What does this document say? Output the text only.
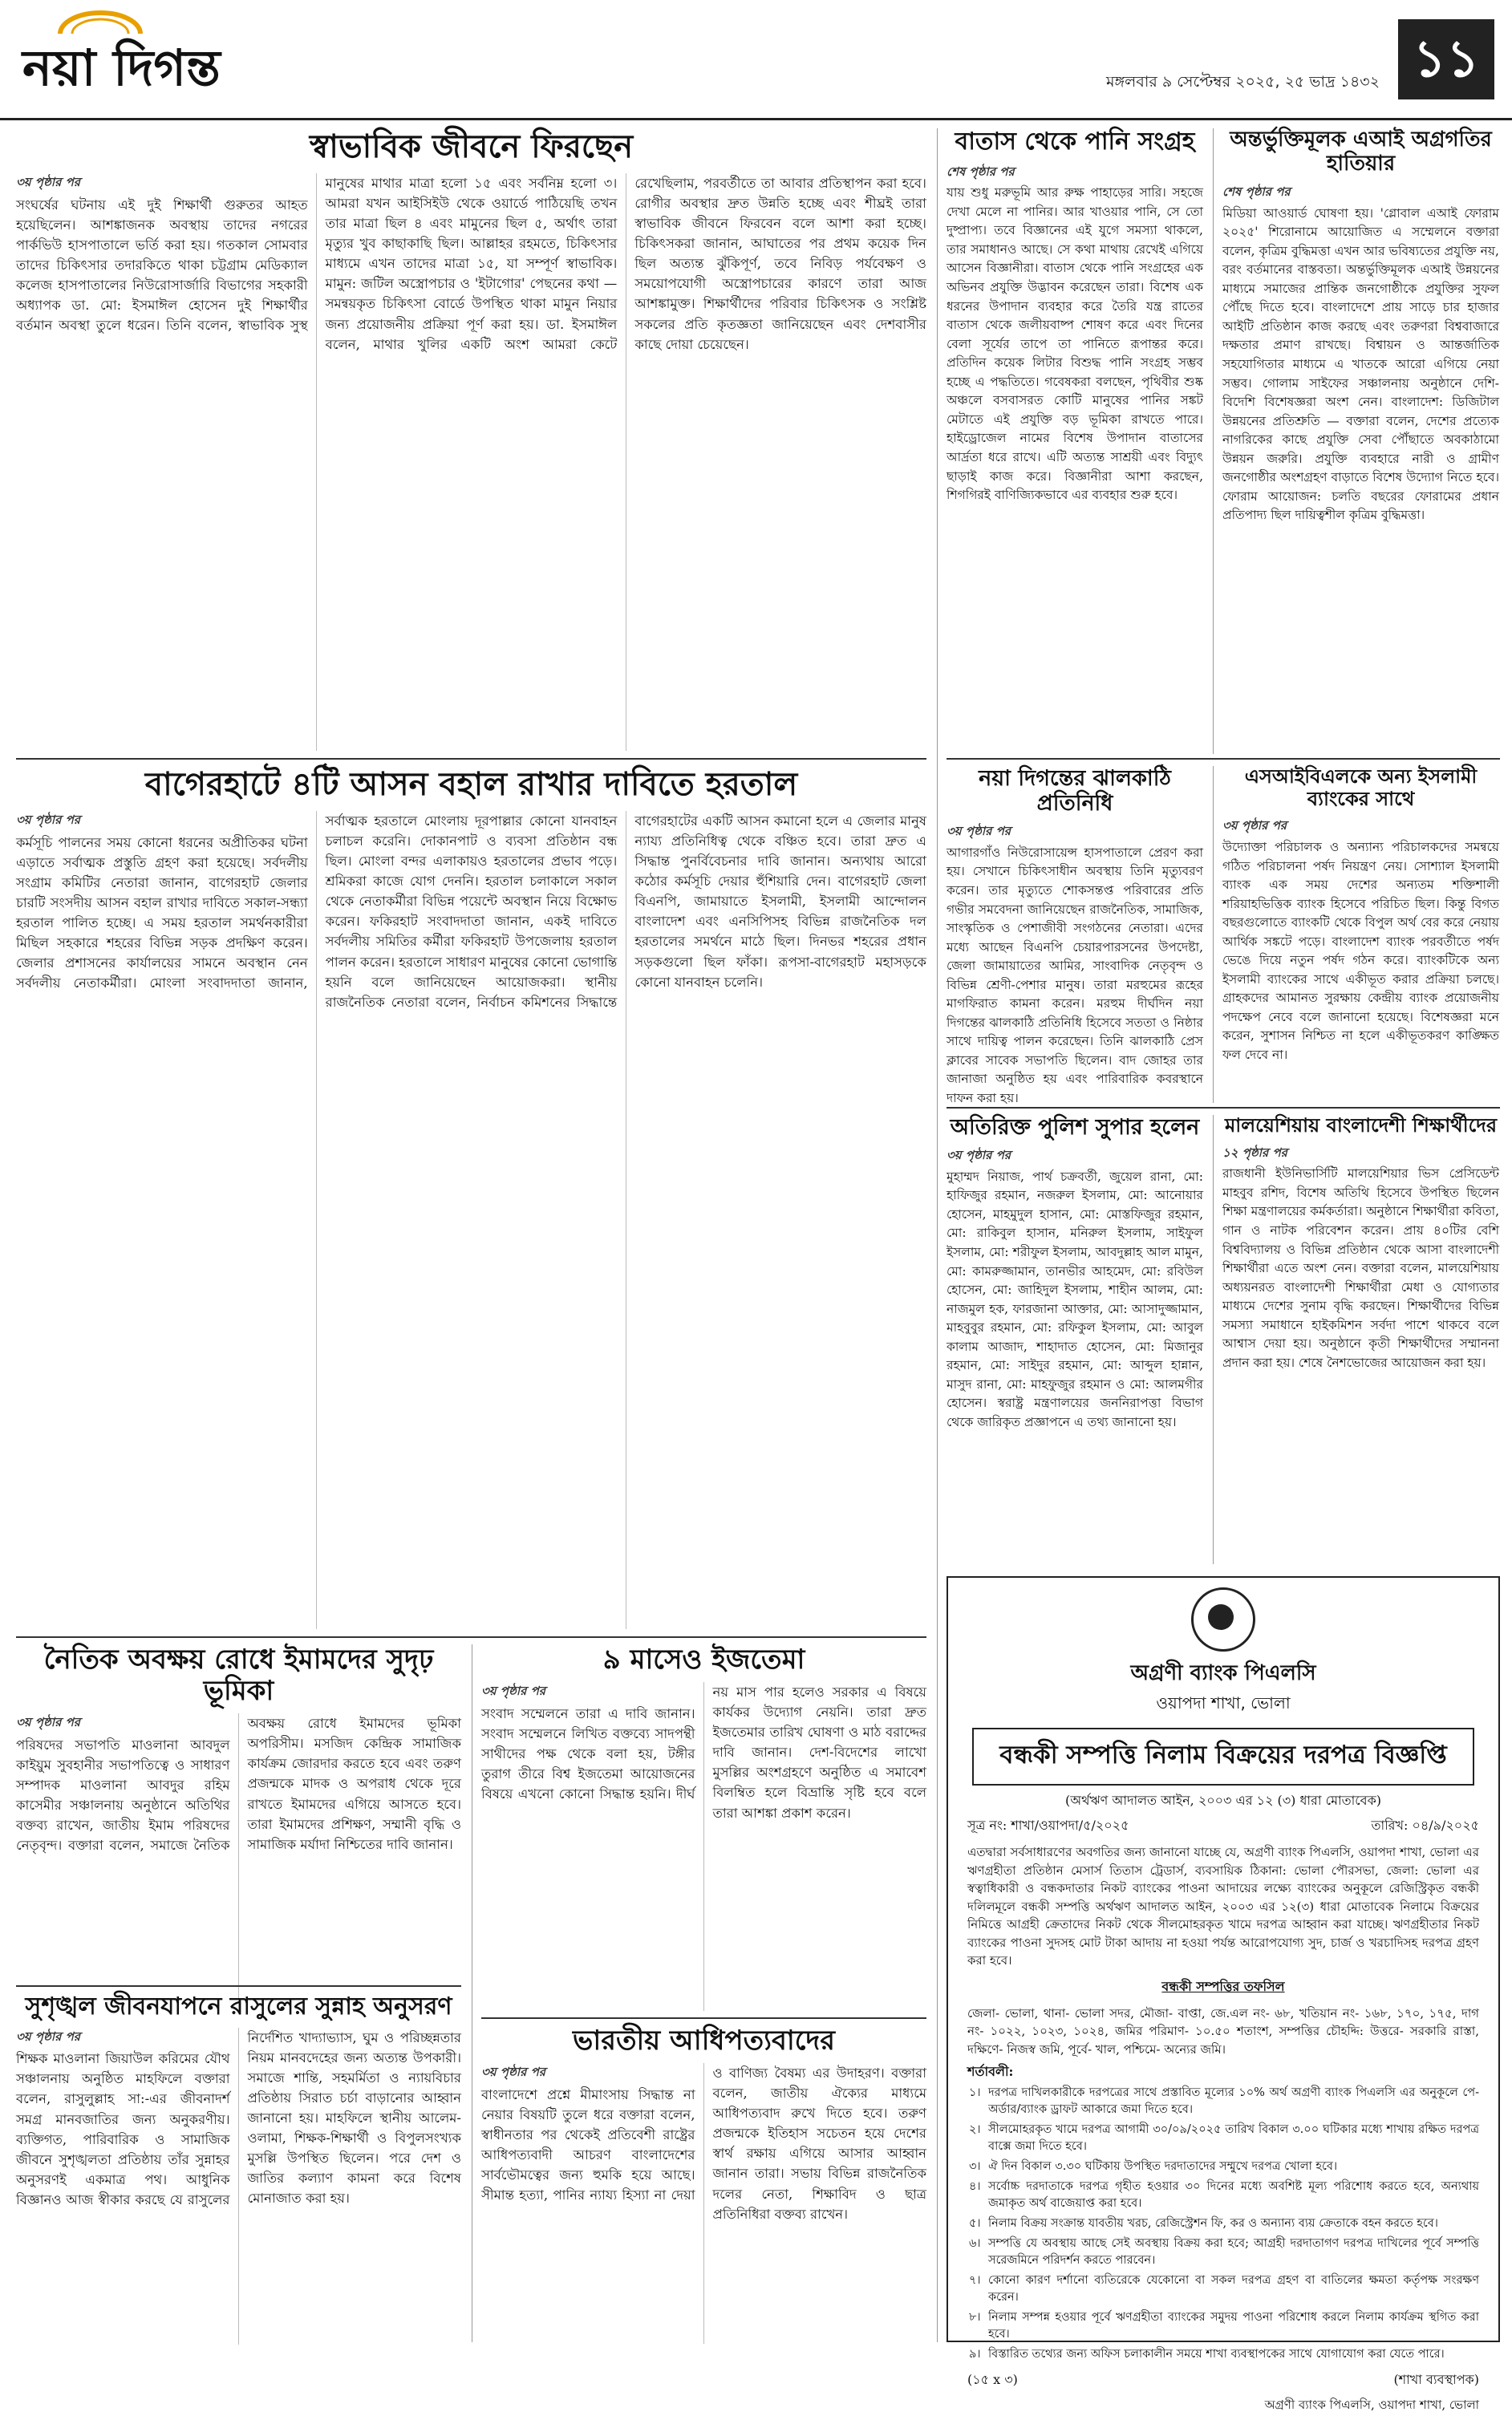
নয়া দিগন্ত	মঙ্গলবার ৯ সেপ্টেম্বর ২০২৫, ২৫ ভাদ্র ১৪৩২ ১১
স্বাভাবিক জীবনে ফিরছেন
৩য় পৃষ্ঠার পর
সংঘর্ষের ঘটনায় এই দুই শিক্ষার্থী গুরুতর আহত হয়েছিলেন। আশঙ্কাজনক অবস্থায় তাদের নগরের পার্কভিউ হাসপাতালে ভর্তি করা হয়। গতকাল সোমবার তাদের চিকিৎসার তদারকিতে থাকা চট্টগ্রাম মেডিক্যাল কলেজ হাসপাতালের নিউরোসার্জারি বিভাগের সহকারী অধ্যাপক ডা. মো: ইসমাঈল হোসেন দুই শিক্ষার্থীর বর্তমান অবস্থা তুলে ধরেন। তিনি বলেন, স্বাভাবিক সুস্থ মানুষের মাথার মাত্রা হলো ১৫ এবং সর্বনিম্ন হলো ৩। আমরা যখন আইসিইউ থেকে ওয়ার্ডে পাঠিয়েছি তখন তার মাত্রা ছিল ৪ এবং মামুনের ছিল ৫, অর্থাৎ তারা মৃত্যুর খুব কাছাকাছি ছিল। আল্লাহর রহমতে, চিকিৎসার মাধ্যমে এখন তাদের মাত্রা ১৫, যা সম্পূর্ণ স্বাভাবিক। মামুন: জটিল অস্ত্রোপচার ও 'ইটাগোর' পেছনের কথা — সমন্বয়কৃত চিকিৎসা বোর্ডে উপস্থিত থাকা মামুন নিয়ার জন্য প্রয়োজনীয় প্রক্রিয়া পূর্ণ করা হয়। ডা. ইসমাঈল বলেন, মাথার খুলির একটি অংশ আমরা কেটে রেখেছিলাম, পরবর্তীতে তা আবার প্রতিস্থাপন করা হবে। রোগীর অবস্থার দ্রুত উন্নতি হচ্ছে এবং শীঘ্রই তারা স্বাভাবিক জীবনে ফিরবেন বলে আশা করা হচ্ছে। চিকিৎসকরা জানান, আঘাতের পর প্রথম কয়েক দিন ছিল অত্যন্ত ঝুঁকিপূর্ণ, তবে নিবিড় পর্যবেক্ষণ ও সময়োপযোগী অস্ত্রোপচারের কারণে তারা আজ আশঙ্কামুক্ত। শিক্ষার্থীদের পরিবার চিকিৎসক ও সংশ্লিষ্ট সকলের প্রতি কৃতজ্ঞতা জানিয়েছেন এবং দেশবাসীর কাছে দোয়া চেয়েছেন।
বাগেরহাটে ৪টি আসন বহাল রাখার দাবিতে হরতাল
৩য় পৃষ্ঠার পর
কর্মসূচি পালনের সময় কোনো ধরনের অপ্রীতিকর ঘটনা এড়াতে সর্বাত্মক প্রস্তুতি গ্রহণ করা হয়েছে। সর্বদলীয় সংগ্রাম কমিটির নেতারা জানান, বাগেরহাট জেলার চারটি সংসদীয় আসন বহাল রাখার দাবিতে সকাল-সন্ধ্যা হরতাল পালিত হচ্ছে। এ সময় হরতাল সমর্থনকারীরা মিছিল সহকারে শহরের বিভিন্ন সড়ক প্রদক্ষিণ করেন। জেলার প্রশাসনের কার্যালয়ের সামনে অবস্থান নেন সর্বদলীয় নেতাকর্মীরা। মোংলা সংবাদদাতা জানান, সর্বাত্মক হরতালে মোংলায় দূরপাল্লার কোনো যানবাহন চলাচল করেনি। দোকানপাট ও ব্যবসা প্রতিষ্ঠান বন্ধ ছিল। মোংলা বন্দর এলাকায়ও হরতালের প্রভাব পড়ে। শ্রমিকরা কাজে যোগ দেননি। হরতাল চলাকালে সকাল থেকে নেতাকর্মীরা বিভিন্ন পয়েন্টে অবস্থান নিয়ে বিক্ষোভ করেন। ফকিরহাট সংবাদদাতা জানান, একই দাবিতে সর্বদলীয় সমিতির কর্মীরা ফকিরহাট উপজেলায় হরতাল পালন করেন। হরতালে সাধারণ মানুষের কোনো ভোগান্তি হয়নি বলে জানিয়েছেন আয়োজকরা। স্থানীয় রাজনৈতিক নেতারা বলেন, নির্বাচন কমিশনের সিদ্ধান্তে বাগেরহাটের একটি আসন কমানো হলে এ জেলার মানুষ ন্যায্য প্রতিনিধিত্ব থেকে বঞ্চিত হবে। তারা দ্রুত এ সিদ্ধান্ত পুনর্বিবেচনার দাবি জানান। অন্যথায় আরো কঠোর কর্মসূচি দেয়ার হুঁশিয়ারি দেন। বাগেরহাট জেলা বিএনপি, জামায়াতে ইসলামী, ইসলামী আন্দোলন বাংলাদেশ এবং এনসিপিসহ বিভিন্ন রাজনৈতিক দল হরতালের সমর্থনে মাঠে ছিল। দিনভর শহরের প্রধান সড়কগুলো ছিল ফাঁকা। রূপসা-বাগেরহাট মহাসড়কে কোনো যানবাহন চলেনি।
নৈতিক অবক্ষয় রোধে ইমামদের সুদৃঢ় ভূমিকা
৩য় পৃষ্ঠার পর
পরিষদের সভাপতি মাওলানা আবদুল কাইয়ুম সুবহানীর সভাপতিত্বে ও সাধারণ সম্পাদক মাওলানা আবদুর রহিম কাসেমীর সঞ্চালনায় অনুষ্ঠানে অতিথির বক্তব্য রাখেন, জাতীয় ইমাম পরিষদের নেতৃবৃন্দ। বক্তারা বলেন, সমাজে নৈতিক অবক্ষয় রোধে ইমামদের ভূমিকা অপরিসীম। মসজিদ কেন্দ্রিক সামাজিক কার্যক্রম জোরদার করতে হবে এবং তরুণ প্রজন্মকে মাদক ও অপরাধ থেকে দূরে রাখতে ইমামদের এগিয়ে আসতে হবে। তারা ইমামদের প্রশিক্ষণ, সম্মানী বৃদ্ধি ও সামাজিক মর্যাদা নিশ্চিতের দাবি জানান।
সুশৃঙ্খল জীবনযাপনে রাসুলের সুন্নাহ অনুসরণ
৩য় পৃষ্ঠার পর
শিক্ষক মাওলানা জিয়াউল করিমের যৌথ সঞ্চালনায় অনুষ্ঠিত মাহফিলে বক্তারা বলেন, রাসুলুল্লাহ সা:-এর জীবনাদর্শ সমগ্র মানবজাতির জন্য অনুকরণীয়। ব্যক্তিগত, পারিবারিক ও সামাজিক জীবনে সুশৃঙ্খলতা প্রতিষ্ঠায় তাঁর সুন্নাহর অনুসরণই একমাত্র পথ। আধুনিক বিজ্ঞানও আজ স্বীকার করছে যে রাসুলের নির্দেশিত খাদ্যাভ্যাস, ঘুম ও পরিচ্ছন্নতার নিয়ম মানবদেহের জন্য অত্যন্ত উপকারী। সমাজে শান্তি, সহমর্মিতা ও ন্যায়বিচার প্রতিষ্ঠায় সিরাত চর্চা বাড়ানোর আহ্বান জানানো হয়। মাহফিলে স্থানীয় আলেম-ওলামা, শিক্ষক-শিক্ষার্থী ও বিপুলসংখ্যক মুসল্লি উপস্থিত ছিলেন। পরে দেশ ও জাতির কল্যাণ কামনা করে বিশেষ মোনাজাত করা হয়।
৯ মাসেও ইজতেমা
৩য় পৃষ্ঠার পর
সংবাদ সম্মেলনে তারা এ দাবি জানান। সংবাদ সম্মেলনে লিখিত বক্তব্যে সাদপন্থী সাথীদের পক্ষ থেকে বলা হয়, টঙ্গীর তুরাগ তীরে বিশ্ব ইজতেমা আয়োজনের বিষয়ে এখনো কোনো সিদ্ধান্ত হয়নি। দীর্ঘ নয় মাস পার হলেও সরকার এ বিষয়ে কার্যকর উদ্যোগ নেয়নি। তারা দ্রুত ইজতেমার তারিখ ঘোষণা ও মাঠ বরাদ্দের দাবি জানান। দেশ-বিদেশের লাখো মুসল্লির অংশগ্রহণে অনুষ্ঠিত এ সমাবেশ বিলম্বিত হলে বিভ্রান্তি সৃষ্টি হবে বলে তারা আশঙ্কা প্রকাশ করেন।
ভারতীয় আধিপত্যবাদের
৩য় পৃষ্ঠার পর
বাংলাদেশে প্রশ্নে মীমাংসায় সিদ্ধান্ত না নেয়ার বিষয়টি তুলে ধরে বক্তারা বলেন, স্বাধীনতার পর থেকেই প্রতিবেশী রাষ্ট্রের আধিপত্যবাদী আচরণ বাংলাদেশের সার্বভৌমত্বের জন্য হুমকি হয়ে আছে। সীমান্ত হত্যা, পানির ন্যায্য হিস্যা না দেয়া ও বাণিজ্য বৈষম্য এর উদাহরণ। বক্তারা বলেন, জাতীয় ঐক্যের মাধ্যমে আধিপত্যবাদ রুখে দিতে হবে। তরুণ প্রজন্মকে ইতিহাস সচেতন হয়ে দেশের স্বার্থ রক্ষায় এগিয়ে আসার আহ্বান জানান তারা। সভায় বিভিন্ন রাজনৈতিক দলের নেতা, শিক্ষাবিদ ও ছাত্র প্রতিনিধিরা বক্তব্য রাখেন।
বাতাস থেকে পানি সংগ্রহ
শেষ পৃষ্ঠার পর
যায় শুধু মরুভূমি আর রুক্ষ পাহাড়ের সারি। সহজে দেখা মেলে না পানির। আর খাওয়ার পানি, সে তো দুষ্প্রাপ্য। তবে বিজ্ঞানের এই যুগে সমস্যা থাকলে, তার সমাধানও আছে। সে কথা মাথায় রেখেই এগিয়ে আসেন বিজ্ঞানীরা। বাতাস থেকে পানি সংগ্রহের এক অভিনব প্রযুক্তি উদ্ভাবন করেছেন তারা। বিশেষ এক ধরনের উপাদান ব্যবহার করে তৈরি যন্ত্র রাতের বাতাস থেকে জলীয়বাষ্প শোষণ করে এবং দিনের বেলা সূর্যের তাপে তা পানিতে রূপান্তর করে। প্রতিদিন কয়েক লিটার বিশুদ্ধ পানি সংগ্রহ সম্ভব হচ্ছে এ পদ্ধতিতে। গবেষকরা বলছেন, পৃথিবীর শুষ্ক অঞ্চলে বসবাসরত কোটি মানুষের পানির সঙ্কট মেটাতে এই প্রযুক্তি বড় ভূমিকা রাখতে পারে। হাইড্রোজেল নামের বিশেষ উপাদান বাতাসের আর্দ্রতা ধরে রাখে। এটি অত্যন্ত সাশ্রয়ী এবং বিদ্যুৎ ছাড়াই কাজ করে। বিজ্ঞানীরা আশা করছেন, শিগগিরই বাণিজ্যিকভাবে এর ব্যবহার শুরু হবে।
অন্তর্ভুক্তিমূলক এআই অগ্রগতির হাতিয়ার
শেষ পৃষ্ঠার পর
মিডিয়া আওয়ার্ড ঘোষণা হয়। 'গ্লোবাল এআই ফোরাম ২০২৫' শিরোনামে আয়োজিত এ সম্মেলনে বক্তারা বলেন, কৃত্রিম বুদ্ধিমত্তা এখন আর ভবিষ্যতের প্রযুক্তি নয়, বরং বর্তমানের বাস্তবতা। অন্তর্ভুক্তিমূলক এআই উন্নয়নের মাধ্যমে সমাজের প্রান্তিক জনগোষ্ঠীকে প্রযুক্তির সুফল পৌঁছে দিতে হবে। বাংলাদেশে প্রায় সাড়ে চার হাজার আইটি প্রতিষ্ঠান কাজ করছে এবং তরুণরা বিশ্ববাজারে দক্ষতার প্রমাণ রাখছে। বিশ্বায়ন ও আন্তর্জাতিক সহযোগিতার মাধ্যমে এ খাতকে আরো এগিয়ে নেয়া সম্ভব। গোলাম সাইফের সঞ্চালনায় অনুষ্ঠানে দেশি-বিদেশি বিশেষজ্ঞরা অংশ নেন। বাংলাদেশ: ডিজিটাল উন্নয়নের প্রতিশ্রুতি — বক্তারা বলেন, দেশের প্রত্যেক নাগরিকের কাছে প্রযুক্তি সেবা পৌঁছাতে অবকাঠামো উন্নয়ন জরুরি। প্রযুক্তি ব্যবহারে নারী ও গ্রামীণ জনগোষ্ঠীর অংশগ্রহণ বাড়াতে বিশেষ উদ্যোগ নিতে হবে। ফোরাম আয়োজন: চলতি বছরের ফোরামের প্রধান প্রতিপাদ্য ছিল দায়িত্বশীল কৃত্রিম বুদ্ধিমত্তা।
নয়া দিগন্তের ঝালকাঠি প্রতিনিধি
৩য় পৃষ্ঠার পর
আগারগাঁও নিউরোসায়েন্স হাসপাতালে প্রেরণ করা হয়। সেখানে চিকিৎসাধীন অবস্থায় তিনি মৃত্যুবরণ করেন। তার মৃত্যুতে শোকসন্তপ্ত পরিবারের প্রতি গভীর সমবেদনা জানিয়েছেন রাজনৈতিক, সামাজিক, সাংস্কৃতিক ও পেশাজীবী সংগঠনের নেতারা। এদের মধ্যে আছেন বিএনপি চেয়ারপারসনের উপদেষ্টা, জেলা জামায়াতের আমির, সাংবাদিক নেতৃবৃন্দ ও বিভিন্ন শ্রেণী-পেশার মানুষ। তারা মরহুমের রূহের মাগফিরাত কামনা করেন। মরহুম দীর্ঘদিন নয়া দিগন্তের ঝালকাঠি প্রতিনিধি হিসেবে সততা ও নিষ্ঠার সাথে দায়িত্ব পালন করেছেন। তিনি ঝালকাঠি প্রেস ক্লাবের সাবেক সভাপতি ছিলেন। বাদ জোহর তার জানাজা অনুষ্ঠিত হয় এবং পারিবারিক কবরস্থানে দাফন করা হয়।
এসআইবিএলকে অন্য ইসলামী ব্যাংকের সাথে
৩য় পৃষ্ঠার পর
উদ্যোক্তা পরিচালক ও অন্যান্য পরিচালকদের সমন্বয়ে গঠিত পরিচালনা পর্ষদ নিয়ন্ত্রণ নেয়। সোশ্যাল ইসলামী ব্যাংক এক সময় দেশের অন্যতম শক্তিশালী শরিয়াহভিত্তিক ব্যাংক হিসেবে পরিচিত ছিল। কিন্তু বিগত বছরগুলোতে ব্যাংকটি থেকে বিপুল অর্থ বের করে নেয়ায় আর্থিক সঙ্কটে পড়ে। বাংলাদেশ ব্যাংক পরবর্তীতে পর্ষদ ভেঙে দিয়ে নতুন পর্ষদ গঠন করে। ব্যাংকটিকে অন্য ইসলামী ব্যাংকের সাথে একীভূত করার প্রক্রিয়া চলছে। গ্রাহকদের আমানত সুরক্ষায় কেন্দ্রীয় ব্যাংক প্রয়োজনীয় পদক্ষেপ নেবে বলে জানানো হয়েছে। বিশেষজ্ঞরা মনে করেন, সুশাসন নিশ্চিত না হলে একীভূতকরণ কাঙ্ক্ষিত ফল দেবে না।
অতিরিক্ত পুলিশ সুপার হলেন
৩য় পৃষ্ঠার পর
মুহাম্মদ নিয়াজ, পার্থ চক্রবর্তী, জুয়েল রানা, মো: হাফিজুর রহমান, নজরুল ইসলাম, মো: আনোয়ার হোসেন, মাহমুদুল হাসান, মো: মোস্তফিজুর রহমান, মো: রাকিবুল হাসান, মনিরুল ইসলাম, সাইফুল ইসলাম, মো: শরীফুল ইসলাম, আবদুল্লাহ আল মামুন, মো: কামরুজ্জামান, তানভীর আহমেদ, মো: রবিউল হোসেন, মো: জাহিদুল ইসলাম, শাহীন আলম, মো: নাজমুল হক, ফারজানা আক্তার, মো: আসাদুজ্জামান, মাহবুবুর রহমান, মো: রফিকুল ইসলাম, মো: আবুল কালাম আজাদ, শাহাদাত হোসেন, মো: মিজানুর রহমান, মো: সাইদুর রহমান, মো: আব্দুল হান্নান, মাসুদ রানা, মো: মাহফুজুর রহমান ও মো: আলমগীর হোসেন। স্বরাষ্ট্র মন্ত্রণালয়ের জননিরাপত্তা বিভাগ থেকে জারিকৃত প্রজ্ঞাপনে এ তথ্য জানানো হয়।
মালয়েশিয়ায় বাংলাদেশী শিক্ষার্থীদের
১২ পৃষ্ঠার পর
রাজধানী ইউনিভার্সিটি মালয়েশিয়ার ভিস প্রেসিডেন্ট মাহবুব রশিদ, বিশেষ অতিথি হিসেবে উপস্থিত ছিলেন শিক্ষা মন্ত্রণালয়ের কর্মকর্তারা। অনুষ্ঠানে শিক্ষার্থীরা কবিতা, গান ও নাটক পরিবেশন করেন। প্রায় ৪০টির বেশি বিশ্ববিদ্যালয় ও বিভিন্ন প্রতিষ্ঠান থেকে আসা বাংলাদেশী শিক্ষার্থীরা এতে অংশ নেন। বক্তারা বলেন, মালয়েশিয়ায় অধ্যয়নরত বাংলাদেশী শিক্ষার্থীরা মেধা ও যোগ্যতার মাধ্যমে দেশের সুনাম বৃদ্ধি করছেন। শিক্ষার্থীদের বিভিন্ন সমস্যা সমাধানে হাইকমিশন সর্বদা পাশে থাকবে বলে আশ্বাস দেয়া হয়। অনুষ্ঠানে কৃতী শিক্ষার্থীদের সম্মাননা প্রদান করা হয়। শেষে নৈশভোজের আয়োজন করা হয়।
অগ্রণী ব্যাংক পিএলসি
ওয়াপদা শাখা, ভোলা
বন্ধকী সম্পত্তি নিলাম বিক্রয়ের দরপত্র বিজ্ঞপ্তি
(অর্থঋণ আদালত আইন, ২০০৩ এর ১২ (৩) ধারা মোতাবেক)
সূত্র নং: শাখা/ওয়াপদা/৫/২০২৫	তারিখ: ০৪/৯/২০২৫
এতদ্বারা সর্বসাধারণের অবগতির জন্য জানানো যাচ্ছে যে, অগ্রণী ব্যাংক পিএলসি, ওয়াপদা শাখা, ভোলা এর ঋণগ্রহীতা প্রতিষ্ঠান মেসার্স তিতাস ট্রেডার্স, ব্যবসায়িক ঠিকানা: ভোলা পৌরসভা, জেলা: ভোলা এর স্বত্বাধিকারী ও বন্ধকদাতার নিকট ব্যাংকের পাওনা আদায়ের লক্ষ্যে ব্যাংকের অনুকূলে রেজিস্ট্রিকৃত বন্ধকী দলিলমূলে বন্ধকী সম্পত্তি অর্থঋণ আদালত আইন, ২০০৩ এর ১২(৩) ধারা মোতাবেক নিলামে বিক্রয়ের নিমিত্তে আগ্রহী ক্রেতাদের নিকট থেকে সীলমোহরকৃত খামে দরপত্র আহ্বান করা যাচ্ছে। ঋণগ্রহীতার নিকট ব্যাংকের পাওনা সুদসহ মোট টাকা আদায় না হওয়া পর্যন্ত আরোপযোগ্য সুদ, চার্জ ও খরচাদিসহ দরপত্র গ্রহণ করা হবে।
বন্ধকী সম্পত্তির তফসিল
জেলা- ভোলা, থানা- ভোলা সদর, মৌজা- বাপ্তা, জে.এল নং- ৬৮, খতিয়ান নং- ১৬৮, ১৭০, ১৭৫, দাগ নং- ১০২২, ১০২৩, ১০২৪, জমির পরিমাণ- ১০.৫০ শতাংশ, সম্পত্তির চৌহদ্দি: উত্তরে- সরকারি রাস্তা, দক্ষিণে- নিজস্ব জমি, পূর্বে- খাল, পশ্চিমে- অন্যের জমি।
শর্তাবলী:
১। দরপত্র দাখিলকারীকে দরপত্রের সাথে প্রস্তাবিত মূল্যের ১০% অর্থ অগ্রণী ব্যাংক পিএলসি এর অনুকূলে পে-অর্ডার/ব্যাংক ড্রাফট আকারে জমা দিতে হবে।
২। সীলমোহরকৃত খামে দরপত্র আগামী ৩০/০৯/২০২৫ তারিখ বিকাল ৩.০০ ঘটিকার মধ্যে শাখায় রক্ষিত দরপত্র বাক্সে জমা দিতে হবে।
৩। ঐ দিন বিকাল ৩.৩০ ঘটিকায় উপস্থিত দরদাতাদের সম্মুখে দরপত্র খোলা হবে।
৪। সর্বোচ্চ দরদাতাকে দরপত্র গৃহীত হওয়ার ৩০ দিনের মধ্যে অবশিষ্ট মূল্য পরিশোধ করতে হবে, অন্যথায় জমাকৃত অর্থ বাজেয়াপ্ত করা হবে।
৫। নিলাম বিক্রয় সংক্রান্ত যাবতীয় খরচ, রেজিস্ট্রেশন ফি, কর ও অন্যান্য ব্যয় ক্রেতাকে বহন করতে হবে।
৬। সম্পত্তি যে অবস্থায় আছে সেই অবস্থায় বিক্রয় করা হবে; আগ্রহী দরদাতাগণ দরপত্র দাখিলের পূর্বে সম্পত্তি সরেজমিনে পরিদর্শন করতে পারবেন।
৭। কোনো কারণ দর্শানো ব্যতিরেকে যেকোনো বা সকল দরপত্র গ্রহণ বা বাতিলের ক্ষমতা কর্তৃপক্ষ সংরক্ষণ করেন।
৮। নিলাম সম্পন্ন হওয়ার পূর্বে ঋণগ্রহীতা ব্যাংকের সমুদয় পাওনা পরিশোধ করলে নিলাম কার্যক্রম স্থগিত করা হবে।
৯। বিস্তারিত তথ্যের জন্য অফিস চলাকালীন সময়ে শাখা ব্যবস্থাপকের সাথে যোগাযোগ করা যেতে পারে।
(১৫ x ৩)	(শাখা ব্যবস্থাপক)
অগ্রণী ব্যাংক পিএলসি, ওয়াপদা শাখা, ভোলা
